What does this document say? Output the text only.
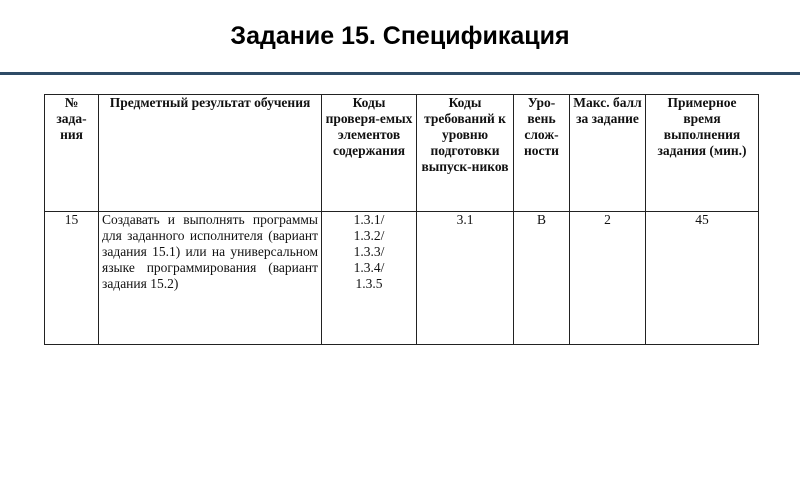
Задание 15. Спецификация
№ зада-ния	Предметный результат обучения	Коды проверя-емых элементов содержания	Коды требований к уровню подготовки выпуск-ников	Уро-вень слож-ности	Макс. балл за задание	Примерное время выполнения задания (мин.)
15	Создавать и выполнять программы для заданного исполнителя (вариант задания 15.1) или на универсальном языке программирования (вариант задания 15.2)	1.3.1/
1.3.2/
1.3.3/
1.3.4/
1.3.5	3.1	В	2	45
